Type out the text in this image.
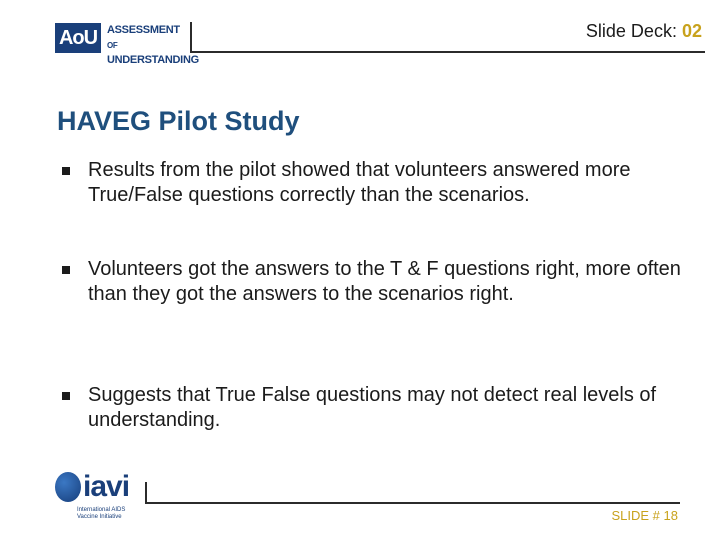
AoU ASSESSMENT OF
UNDERSTANDING
Slide Deck: 02
HAVEG Pilot Study
Results from the pilot showed that volunteers answered more True/False questions correctly than the scenarios.
Volunteers got the answers to the T & F questions right, more often than they got the answers to the scenarios right.
Suggests that True False questions may not detect real levels of understanding.
iavi
International AIDS
Vaccine Initiative	SLIDE # 18
